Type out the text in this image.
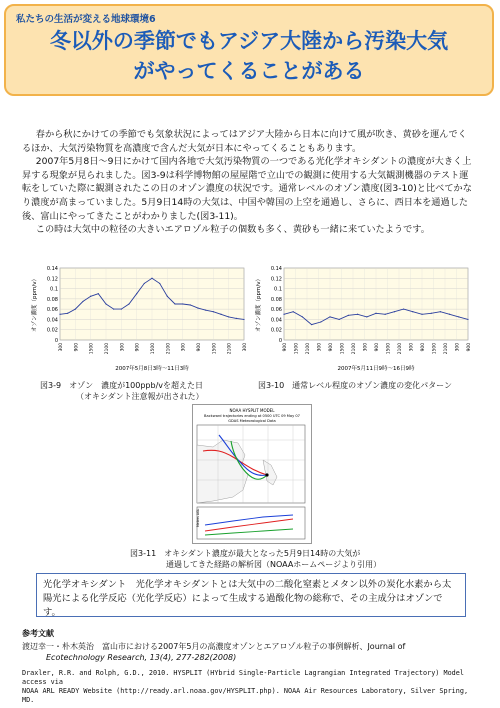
私たちの生活が変える地球環境6
冬以外の季節でもアジア大陸から汚染大気
がやってくることがある

春から秋にかけての季節でも気象状況によってはアジア大陸から日本に向けて風が吹き、黄砂を運んでくるほか、大気汚染物質を高濃度で含んだ大気が日本にやってくることもあります。

2007年5月8日〜9日にかけて国内各地で大気汚染物質の一つである光化学オキシダントの濃度が大きく上昇する現象が見られました。図3-9は科学博物館の屋屋階で立山での観測に使用する大気観測機器のテスト運転をしていた際に観測されたこの日のオゾン濃度の状況です。通常レベルのオゾン濃度(図3-10)と比べてかなり濃度が高まっていました。5月9日14時の大気は、中国や韓国の上空を通過し、さらに、西日本を通過した後、富山にやってきたことがわかりました(図3-11)。

この時は大気中の粒径の大きいエアロゾル粒子の個数も多く、黄砂も一緒に来ていたようです。

0
0.02
0.04
0.06
0.08
0.1
0.12
0.14
300 900 1500 2100 300 900 1500 2100 300 900 1500 2100 300
オゾン濃度（ppm/v）
2007年5月8日3時〜11日3時
図3-9　オゾン　濃度が100ppb/vを超えた日
（オキシダント注意報が出された）
0
0.02
0.04
0.06
0.08
0.1
0.12
0.14
900 1500 2100 300 900 1500 2100 300 900 1500 2100 300 900 1500 2100 300 900
オゾン濃度（ppm/v）
2007年5月11日9時〜16日9時
図3-10　通常レベル程度のオゾン濃度の変化パターン
NOAA HYSPLIT MODEL
Backward trajectories ending at 0500 UTC 09 May 07
GDAS Meteorological Data
Meters AGL
図3-11　オキシダント濃度が最大となった5月9日14時の大気が
通過してきた経路の解析図（NOAAホームページより引用）
光化学オキシダント　光化学オキシダントとは大気中の二酸化窒素とメタン以外の炭化水素から太陽光による化学反応（光化学反応）によって生成する過酸化物の総称で、その主成分はオゾンです。
参考文献
渡辺幸一・朴木英治　富山市における2007年5月の高濃度オゾンとエアロゾル粒子の事例解析、Journal of
Ecotechnology Research, 13(4), 277-282(2008)
Draxler, R.R. and Rolph, G.D., 2010. HYSPLIT (HYbrid Single-Particle Lagrangian Integrated Trajectory) Model access via
NOAA ARL READY Website (http://ready.arl.noaa.gov/HYSPLIT.php). NOAA Air Resources Laboratory, Silver Spring, MD.
